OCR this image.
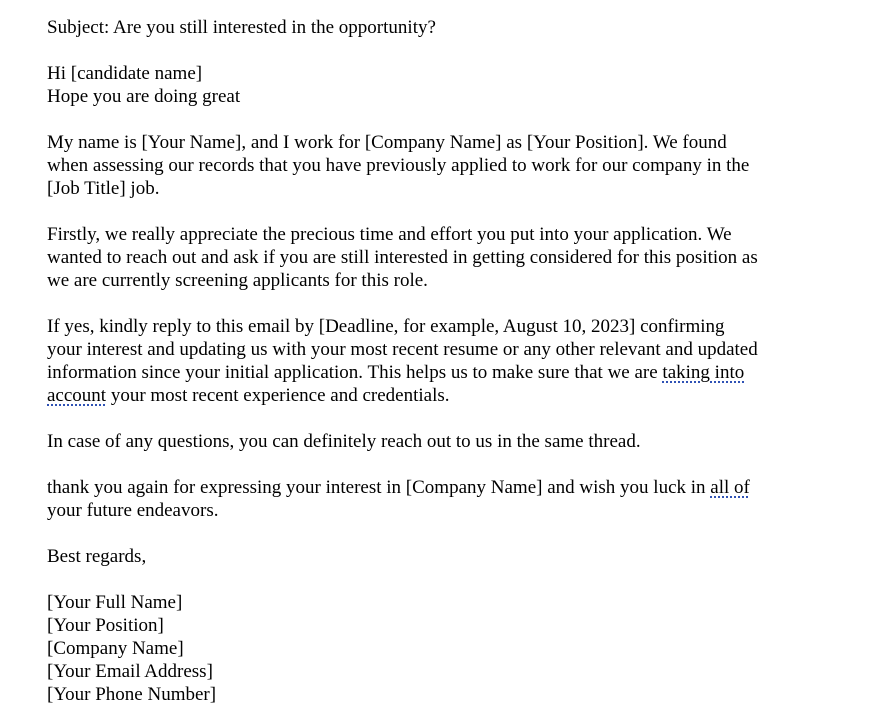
Subject: Are you still interested in the opportunity?
Hi [candidate name]
Hope you are doing great
My name is [Your Name], and I work for [Company Name] as [Your Position]. We found
when assessing our records that you have previously applied to work for our company in the
[Job Title] job.
Firstly, we really appreciate the precious time and effort you put into your application. We
wanted to reach out and ask if you are still interested in getting considered for this position as
we are currently screening applicants for this role.
If yes, kindly reply to this email by [Deadline, for example, August 10, 2023] confirming
your interest and updating us with your most recent resume or any other relevant and updated
information since your initial application. This helps us to make sure that we are taking into
account your most recent experience and credentials.
In case of any questions, you can definitely reach out to us in the same thread.
thank you again for expressing your interest in [Company Name] and wish you luck in all of
your future endeavors.
Best regards,
[Your Full Name]
[Your Position]
[Company Name]
[Your Email Address]
[Your Phone Number]
